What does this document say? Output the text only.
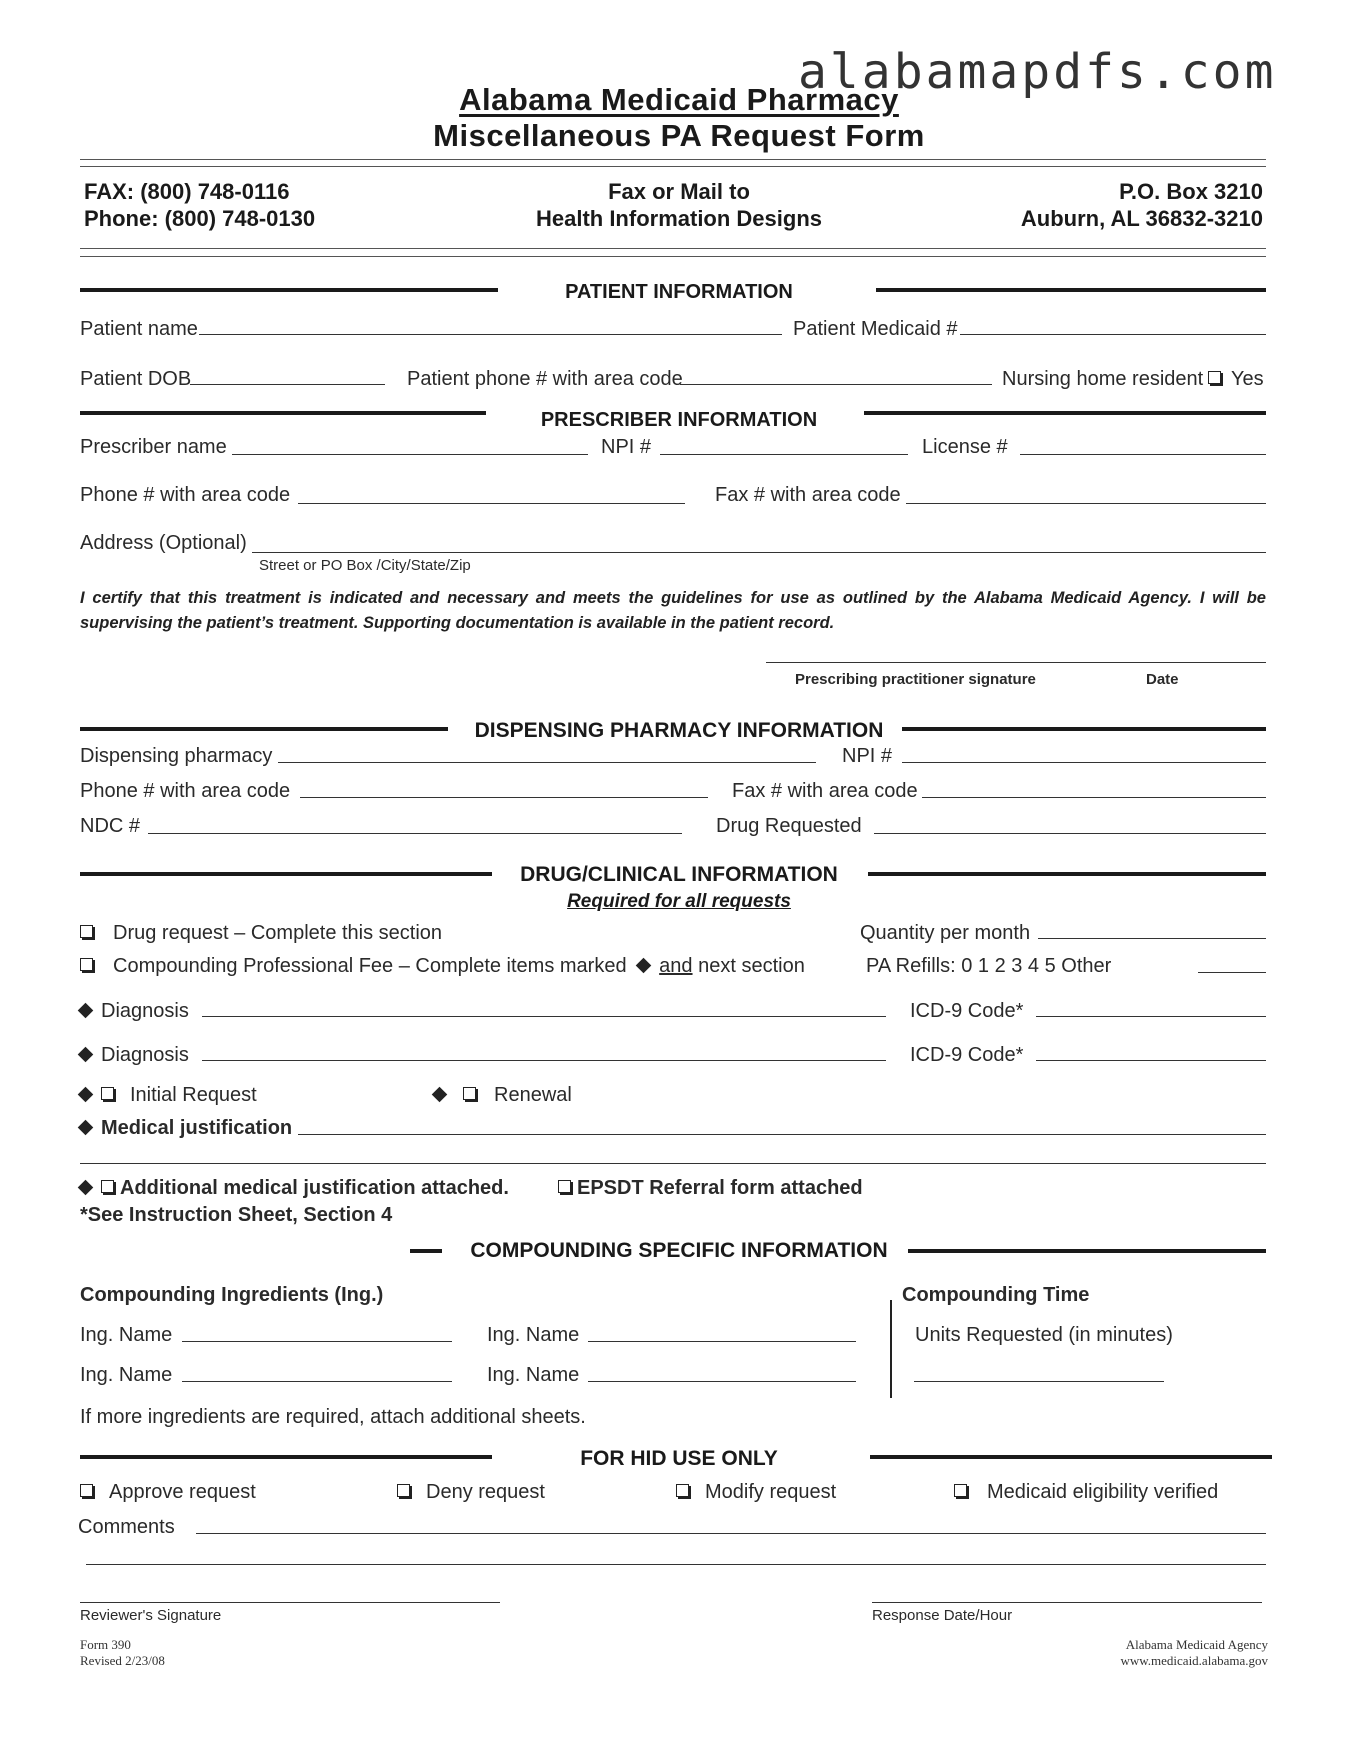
alabamapdfs.com
Alabama Medicaid Pharmacy
Miscellaneous PA Request Form
FAX: (800) 748-0116
Phone: (800) 748-0130
Fax or Mail to
Health Information Designs
P.O. Box 3210
Auburn, AL 36832-3210
PATIENT INFORMATION
Patient name	Patient Medicaid #
Patient DOB	Patient phone # with area code	Nursing home resident	Yes
PRESCRIBER INFORMATION
Prescriber name	NPI #	License #
Phone # with area code	Fax # with area code
Address (Optional)
Street or PO Box /City/State/Zip
I certify that this treatment is indicated and necessary and meets the guidelines for use as outlined by the Alabama Medicaid Agency. I will be supervising the patient’s treatment. Supporting documentation is available in the patient record.
Prescribing practitioner signature	Date
DISPENSING PHARMACY INFORMATION
Dispensing pharmacy	NPI #
Phone # with area code	Fax # with area code
NDC #	Drug Requested
DRUG/CLINICAL INFORMATION
Required for all requests
Drug request – Complete this section	Quantity per month
Compounding Professional Fee – Complete items marked and next section	PA Refills: 0 1 2 3 4 5 Other
Diagnosis	ICD-9 Code*
Diagnosis	ICD-9 Code*
Initial Request	Renewal
Medical justification
Additional medical justification attached.	EPSDT Referral form attached
*See Instruction Sheet, Section 4
COMPOUNDING SPECIFIC INFORMATION
Compounding Ingredients (Ing.)	Compounding Time
Ing. Name	Ing. Name	Units Requested (in minutes)
Ing. Name	Ing. Name
If more ingredients are required, attach additional sheets.
FOR HID USE ONLY
Approve request	Deny request	Modify request	Medicaid eligibility verified
Comments
Reviewer's Signature	Response Date/Hour
Form 390
Revised 2/23/08
Alabama Medicaid Agency
www.medicaid.alabama.gov
